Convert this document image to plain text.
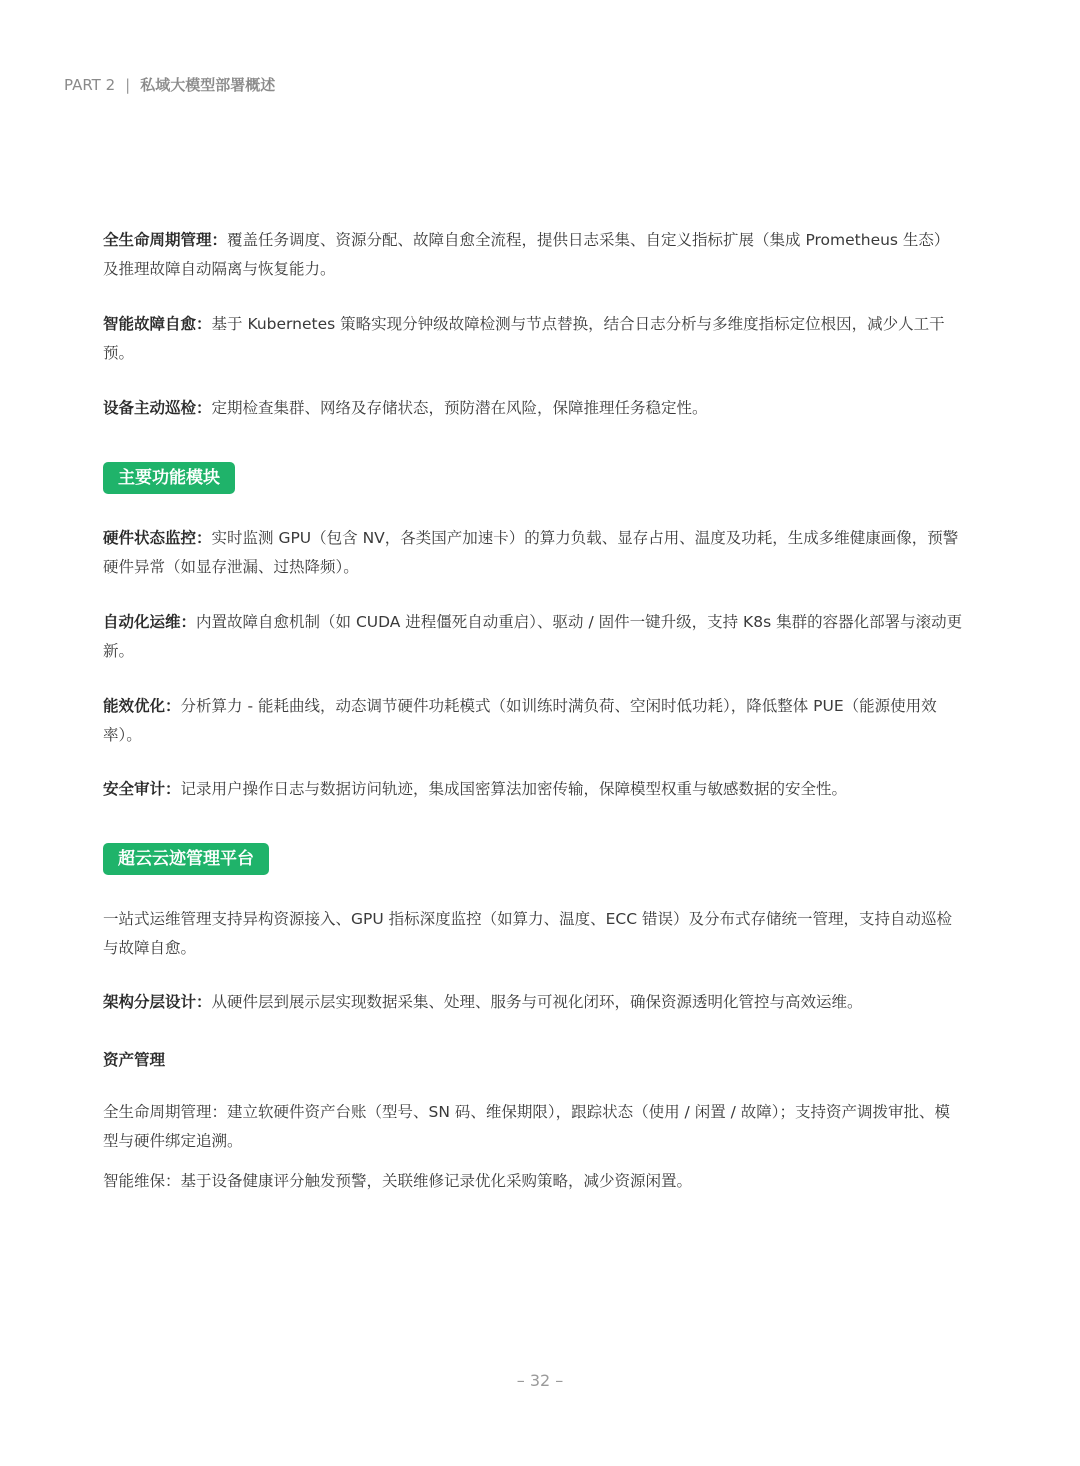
PART 2 | 私域大模型部署概述

全生命周期管理：覆盖任务调度、资源分配、故障自愈全流程，提供日志采集、自定义指标扩展（集成 Prometheus 生态）及推理故障自动隔离与恢复能力。

智能故障自愈：基于 Kubernetes 策略实现分钟级故障检测与节点替换，结合日志分析与多维度指标定位根因，减少人工干预。

设备主动巡检：定期检查集群、网络及存储状态，预防潜在风险，保障推理任务稳定性。

主要功能模块

硬件状态监控：实时监测 GPU（包含 NV，各类国产加速卡）的算力负载、显存占用、温度及功耗，生成多维健康画像，预警硬件异常（如显存泄漏、过热降频）。

自动化运维：内置故障自愈机制（如 CUDA 进程僵死自动重启）、驱动 / 固件一键升级，支持 K8s 集群的容器化部署与滚动更新。

能效优化：分析算力 - 能耗曲线，动态调节硬件功耗模式（如训练时满负荷、空闲时低功耗），降低整体 PUE（能源使用效率）。

安全审计：记录用户操作日志与数据访问轨迹，集成国密算法加密传输，保障模型权重与敏感数据的安全性。

超云云迹管理平台

一站式运维管理支持异构资源接入、GPU 指标深度监控（如算力、温度、ECC 错误）及分布式存储统一管理，支持自动巡检与故障自愈。

架构分层设计：从硬件层到展示层实现数据采集、处理、服务与可视化闭环，确保资源透明化管控与高效运维。

资产管理

全生命周期管理：建立软硬件资产台账（型号、SN 码、维保期限），跟踪状态（使用 / 闲置 / 故障）；支持资产调拨审批、模型与硬件绑定追溯。

智能维保：基于设备健康评分触发预警，关联维修记录优化采购策略，减少资源闲置。

– 32 –
